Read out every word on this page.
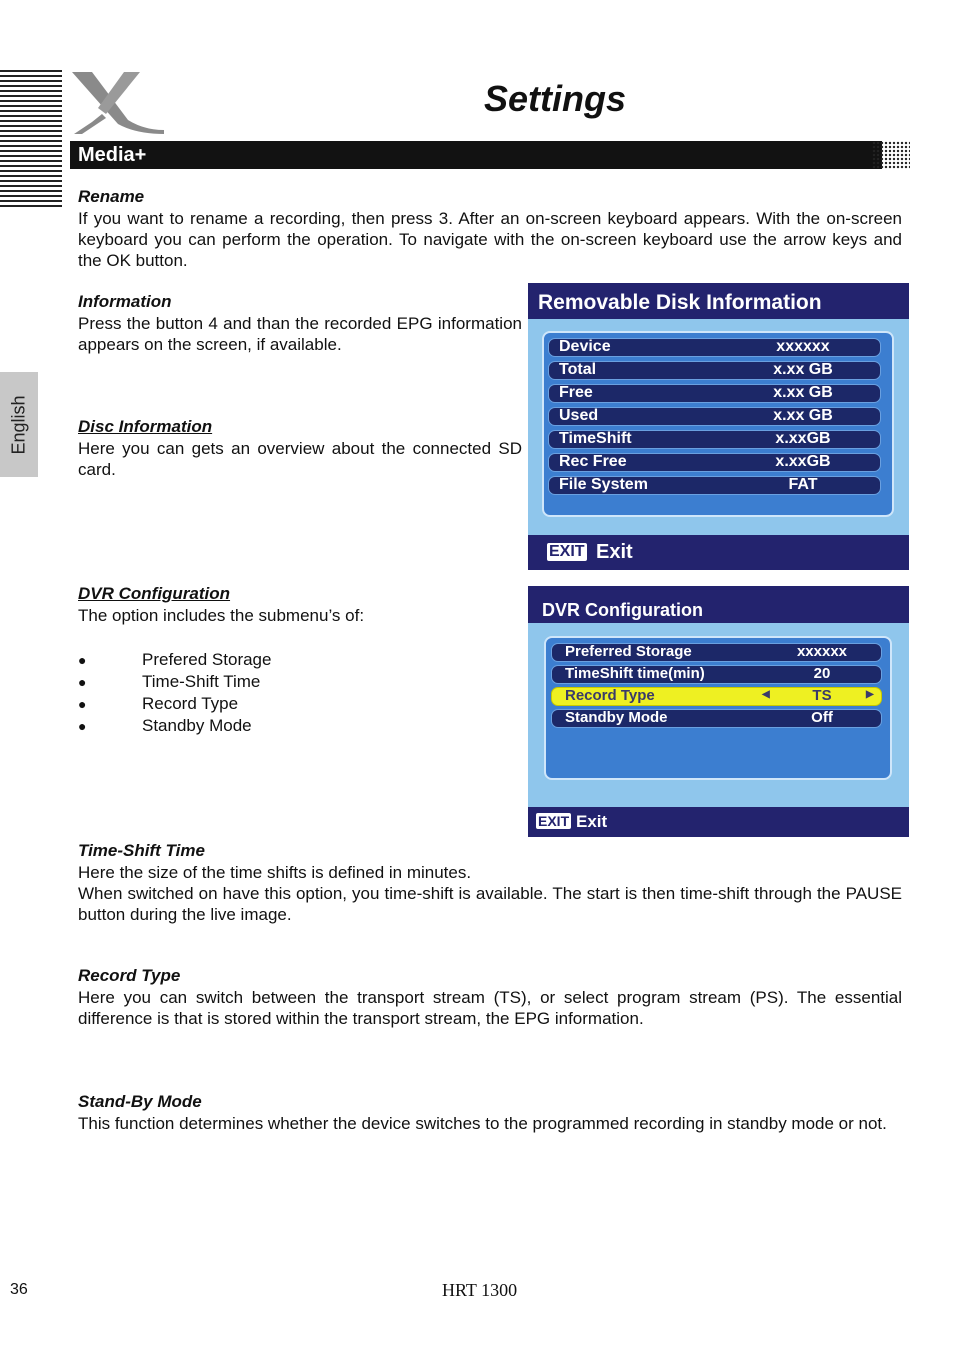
English
Settings
Media+
Rename
If you want to rename a recording, then press 3. After an on-screen keyboard appears. With the on-screen keyboard you can perform the operation. To navigate with the on-screen keyboard use the arrow keys and the OK button.
Information
Press the button 4 and than the recorded EPG information appears on the screen, if available.
Disc Information
Here you can gets an overview about the connected SD card.
Removable Disk Information
Device	xxxxxx
Total	x.xx GB
Free	x.xx GB
Used	x.xx GB
TimeShift	x.xxGB
Rec Free	x.xxGB
File System	FAT
EXIT Exit
DVR Configuration
The option includes the submenu’s of:
●	Prefered Storage
●	Time-Shift Time
●	Record Type
●	Standby Mode
DVR Configuration
Preferred Storage	xxxxxx
TimeShift time(min)	20
Record Type	◀	TS	▶
Standby Mode	Off
EXIT Exit
Time-Shift Time
Here the size of the time shifts is defined in minutes.
When switched on have this option, you time-shift is available. The start is then time-shift through the PAUSE button during the live image.
Record Type
Here you can switch between the transport stream (TS), or select program stream (PS). The essential difference is that is stored within the transport stream, the EPG information.
Stand-By Mode
This function determines whether the device switches to the programmed recording in standby mode or not.
36	HRT 1300
